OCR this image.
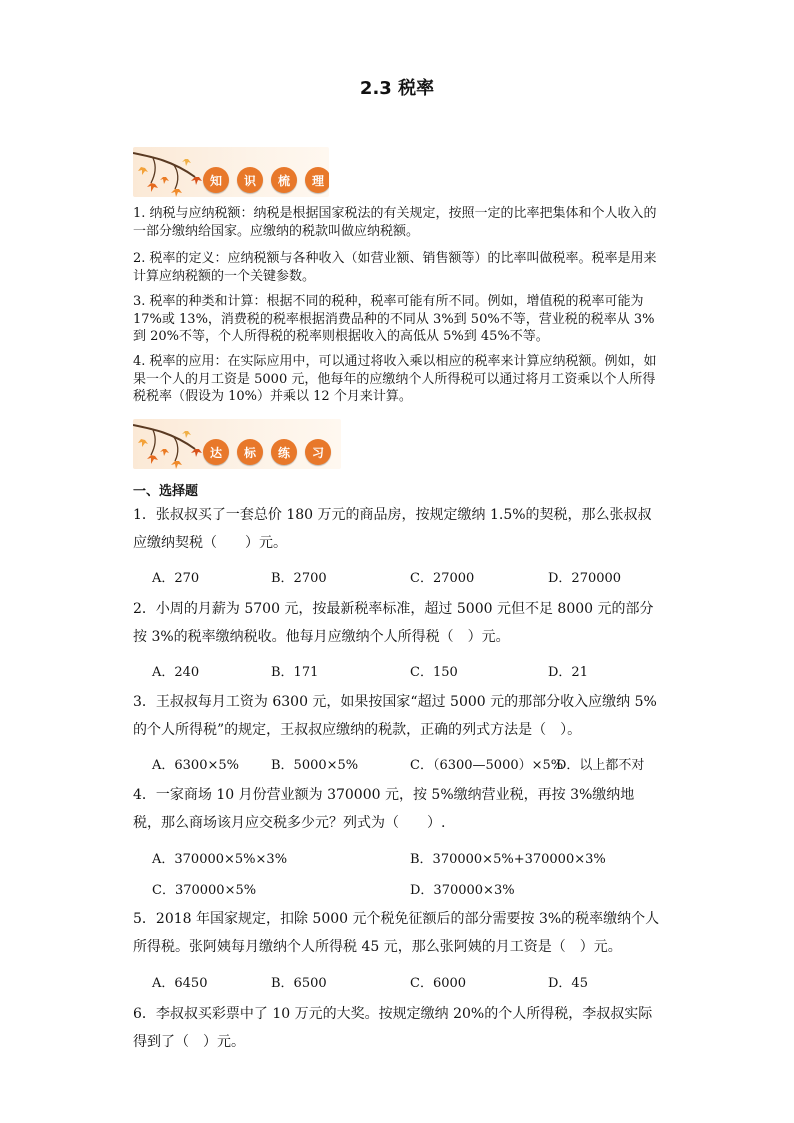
2.3 税率
知	识	梳	理

1. 纳税与应纳税额：纳税是根据国家税法的有关规定，按照一定的比率把集体和个人收入的一部分缴纳给国家。应缴纳的税款叫做应纳税额。

2. 税率的定义：应纳税额与各种收入（如营业额、销售额等）的比率叫做税率。税率是用来计算应纳税额的一个关键参数。

3. 税率的种类和计算：根据不同的税种，税率可能有所不同。例如，增值税的税率可能为 17%或 13%，消费税的税率根据消费品种的不同从 3%到 50%不等，营业税的税率从 3%到 20%不等，个人所得税的税率则根据收入的高低从 5%到 45%不等。

4. 税率的应用：在实际应用中，可以通过将收入乘以相应的税率来计算应纳税额。例如，如果一个人的月工资是 5000 元，他每年的应缴纳个人所得税可以通过将月工资乘以个人所得税税率（假设为 10%）并乘以 12 个月来计算。

达	标	练	习
一、选择题

1．张叔叔买了一套总价 180 万元的商品房，按规定缴纳 1.5%的契税，那么张叔叔应缴纳契税（　　）元。

A．270	B．2700	C．27000	D．270000

2．小周的月薪为 5700 元，按最新税率标准，超过 5000 元但不足 8000 元的部分按 3%的税率缴纳税收。他每月应缴纳个人所得税（　）元。

A．240	B．171	C．150	D．21

3．王叔叔每月工资为 6300 元，如果按国家“超过 5000 元的那部分收入应缴纳 5%的个人所得税”的规定，王叔叔应缴纳的税款，正确的列式方法是（　）。

A．6300×5% B．5000×5%	C．（6300—5000）×5%
D．以上都不对

4．一家商场 10 月份营业额为 370000 元，按 5%缴纳营业税，再按 3%缴纳地税，那么商场该月应交税多少元？列式为（　　）.

A．370000×5%×3%	B．370000×5%+370000×3%
C．370000×5%	D．370000×3%

5．2018 年国家规定，扣除 5000 元个税免征额后的部分需要按 3%的税率缴纳个人所得税。张阿姨每月缴纳个人所得税 45 元，那么张阿姨的月工资是（　）元。

A．6450	B．6500	C．6000	D．45

6．李叔叔买彩票中了 10 万元的大奖。按规定缴纳 20%的个人所得税，李叔叔实际得到了（　）元。
